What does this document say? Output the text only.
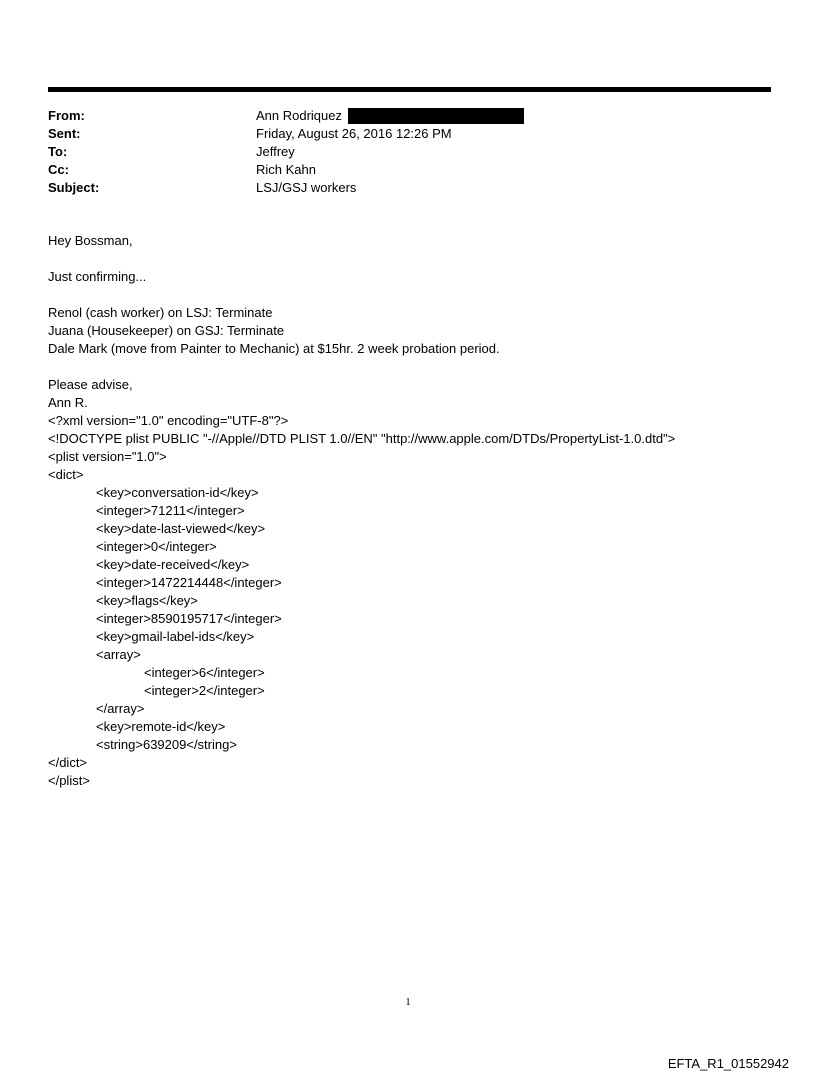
From:	Ann Rodriquez
Sent:	Friday, August 26, 2016 12:26 PM
To:	Jeffrey
Cc:	Rich Kahn
Subject:	LSJ/GSJ workers
Hey Bossman,
Just confirming...
Renol (cash worker) on LSJ: Terminate
Juana (Housekeeper) on GSJ: Terminate
Dale Mark (move from Painter to Mechanic) at $15hr. 2 week probation period.
Please advise,
Ann R.
<?xml version="1.0" encoding="UTF-8"?>
<!DOCTYPE plist PUBLIC "-//Apple//DTD PLIST 1.0//EN" "http://www.apple.com/DTDs/PropertyList-1.0.dtd">
<plist version="1.0">
<dict>
<key>conversation-id</key>
<integer>71211</integer>
<key>date-last-viewed</key>
<integer>0</integer>
<key>date-received</key>
<integer>1472214448</integer>
<key>flags</key>
<integer>8590195717</integer>
<key>gmail-label-ids</key>
<array>
<integer>6</integer>
<integer>2</integer>
</array>
<key>remote-id</key>
<string>639209</string>
</dict>
</plist>
1
EFTA_R1_01552942
